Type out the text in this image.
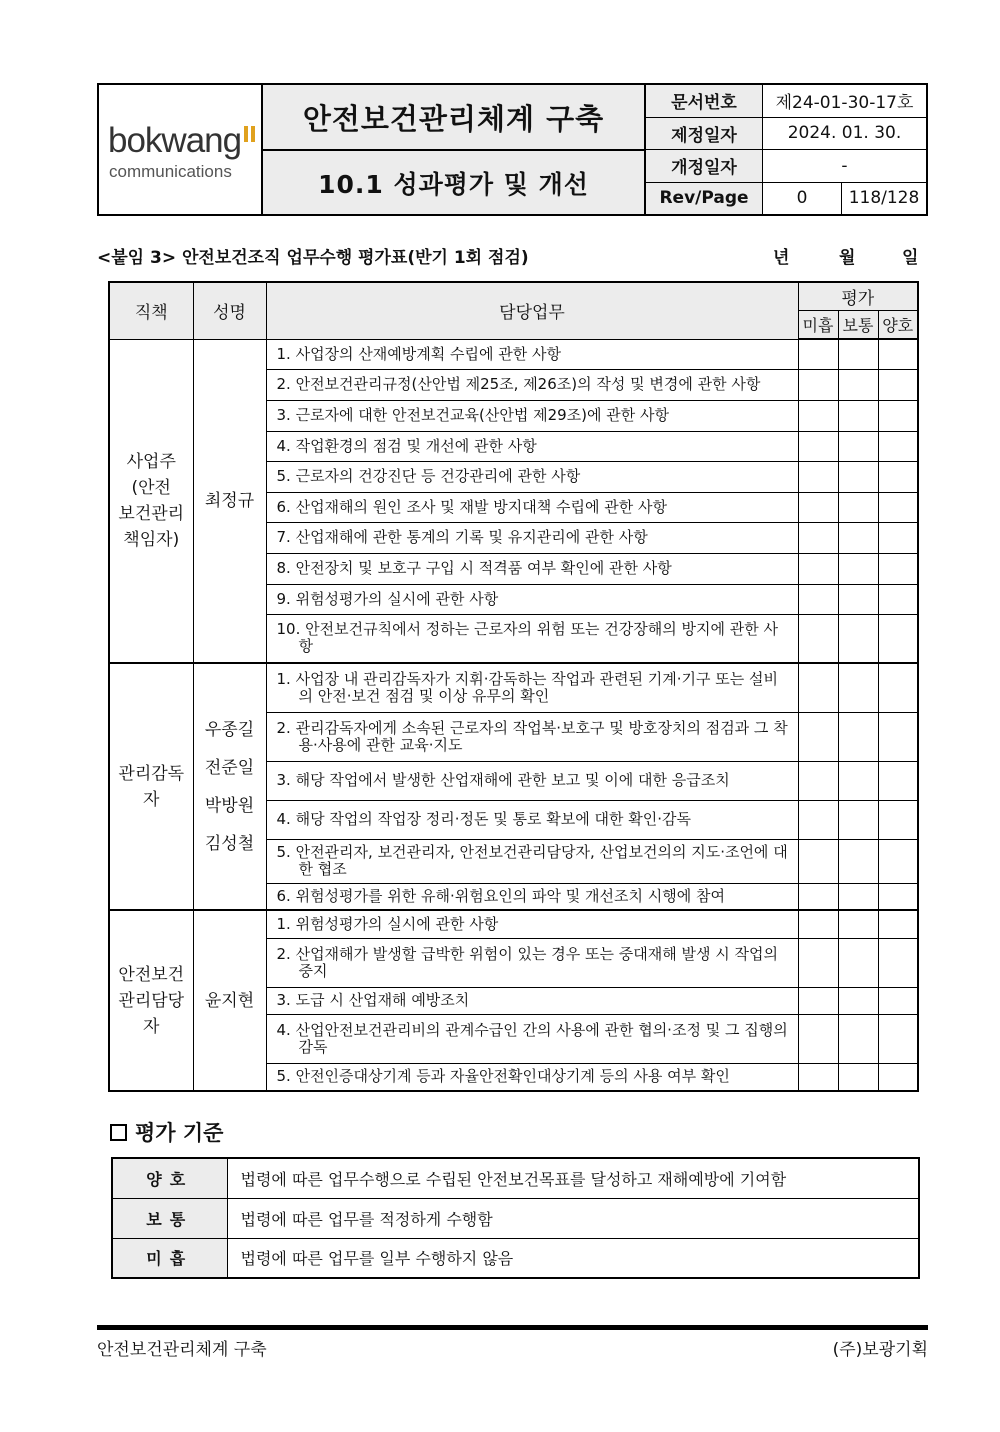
bokwang
communications
안전보건관리체계 구축
10.1 성과평가 및 개선
문서번호	제24-01-30-17호
제정일자	2024. 01. 30.
개정일자	-
Rev/Page	0	118/128
<붙임 3> 안전보건조직 업무수행 평가표(반기 1회 점검)	년	월	일
직책	성명	담당업무	평가		
			미흡	보통	양호
사업주
(안전
보건관리
책임자)	최정규	1. 사업장의 산재예방계획 수립에 관한 사항			

		2. 안전보건관리규정(산안법 제25조, 제26조)의 작성 및 변경에 관한 사항			

		3. 근로자에 대한 안전보건교육(산안법 제29조)에 관한 사항			

		4. 작업환경의 점검 및 개선에 관한 사항			

		5. 근로자의 건강진단 등 건강관리에 관한 사항			

		6. 산업재해의 원인 조사 및 재발 방지대책 수립에 관한 사항			

		7. 산업재해에 관한 통계의 기록 및 유지관리에 관한 사항			

		8. 안전장치 및 보호구 구입 시 적격품 여부 확인에 관한 사항			

		9. 위험성평가의 실시에 관한 사항			

		10. 안전보건규칙에서 정하는 근로자의 위험 또는 건강장해의 방지에 관한 사항			

관리감독
자	우종길
전준일
박방원
김성철	1. 사업장 내 관리감독자가 지휘·감독하는 작업과 관련된 기계·기구 또는 설비의 안전·보건 점검 및 이상 유무의 확인			

		2. 관리감독자에게 소속된 근로자의 작업복·보호구 및 방호장치의 점검과 그 착용·사용에 관한 교육·지도			

		3. 해당 작업에서 발생한 산업재해에 관한 보고 및 이에 대한 응급조치			

		4. 해당 작업의 작업장 정리·정돈 및 통로 확보에 대한 확인·감독			

		5. 안전관리자, 보건관리자, 안전보건관리담당자, 산업보건의의 지도·조언에 대한 협조			

		6. 위험성평가를 위한 유해·위험요인의 파악 및 개선조치 시행에 참여			

안전보건
관리담당
자	윤지현	1. 위험성평가의 실시에 관한 사항			

		2. 산업재해가 발생할 급박한 위험이 있는 경우 또는 중대재해 발생 시 작업의 중지			

		3. 도급 시 산업재해 예방조치			

		4. 산업안전보건관리비의 관계수급인 간의 사용에 관한 협의·조정 및 그 집행의 감독			

		5. 안전인증대상기계 등과 자율안전확인대상기계 등의 사용 여부 확인			

평가 기준
양호	법령에 따른 업무수행으로 수립된 안전보건목표를 달성하고 재해예방에 기여함
보통	법령에 따른 업무를 적정하게 수행함
미흡	법령에 따른 업무를 일부 수행하지 않음
안전보건관리체계 구축	(주)보광기획
